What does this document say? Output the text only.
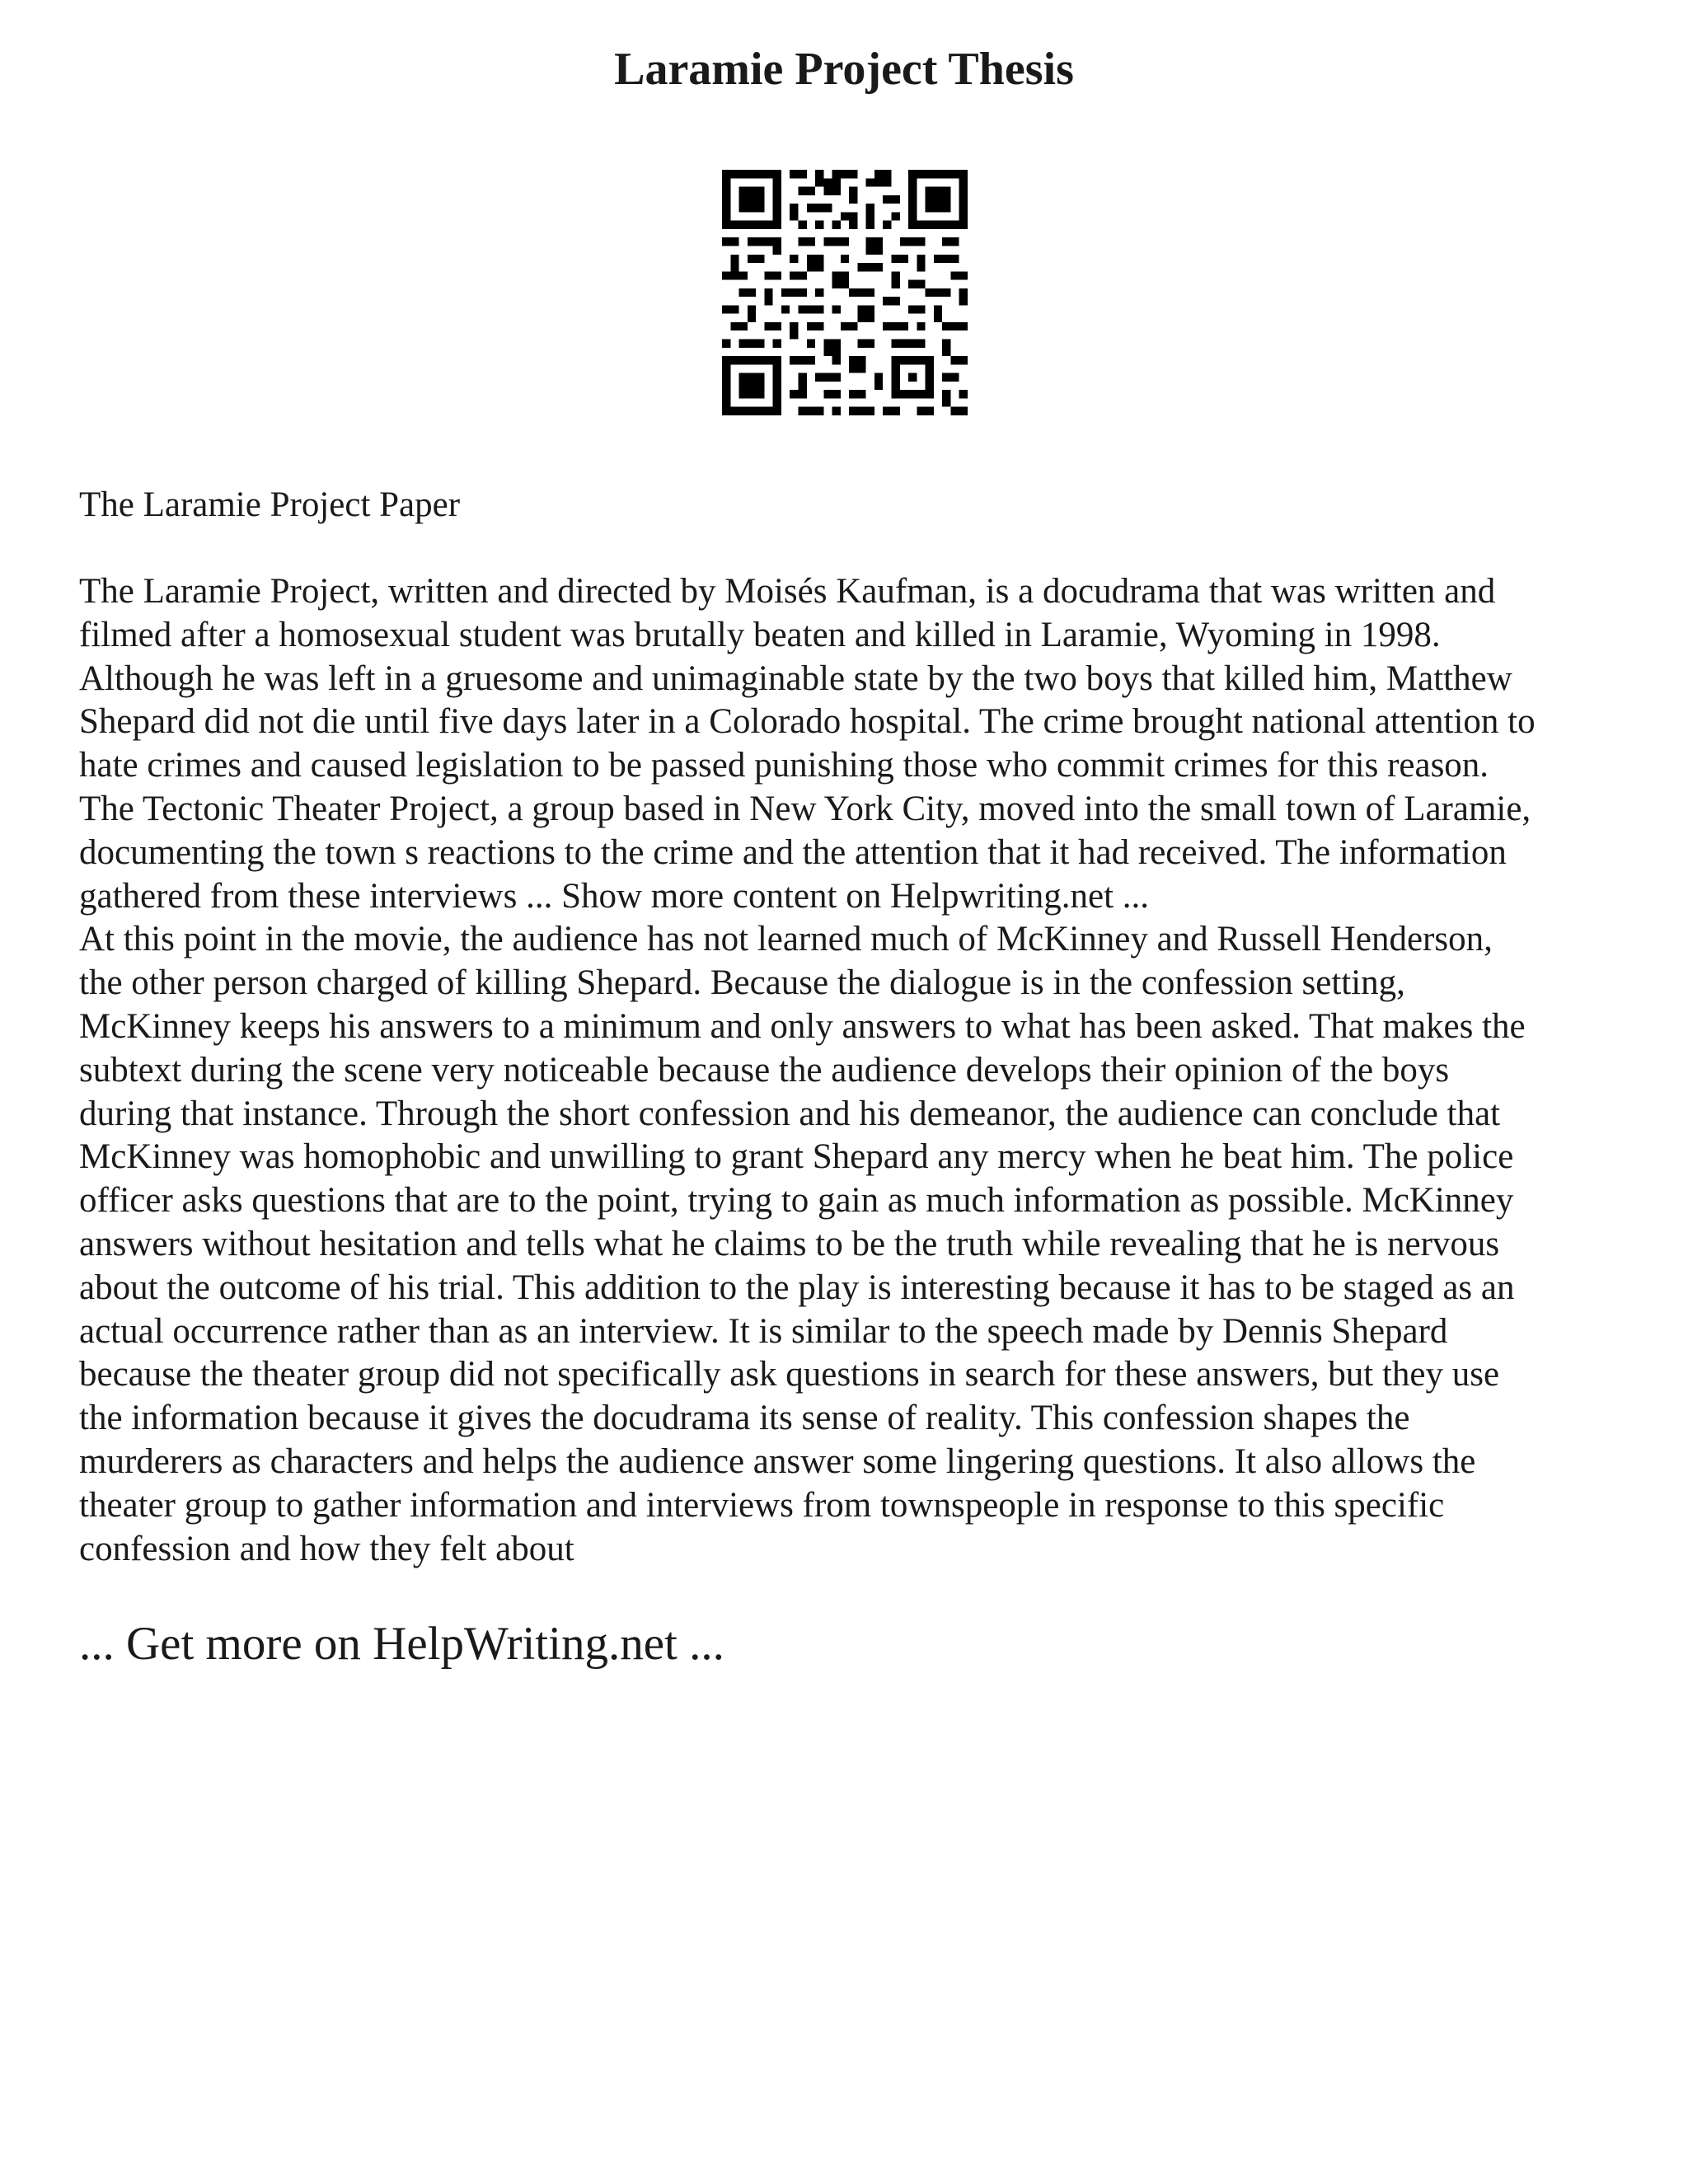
Laramie Project Thesis

The Laramie Project Paper

The Laramie Project, written and directed by Moisés Kaufman, is a docudrama that was written and
filmed after a homosexual student was brutally beaten and killed in Laramie, Wyoming in 1998.
Although he was left in a gruesome and unimaginable state by the two boys that killed him, Matthew
Shepard did not die until five days later in a Colorado hospital. The crime brought national attention to
hate crimes and caused legislation to be passed punishing those who commit crimes for this reason.
The Tectonic Theater Project, a group based in New York City, moved into the small town of Laramie,
documenting the town s reactions to the crime and the attention that it had received. The information
gathered from these interviews ... Show more content on Helpwriting.net ...
At this point in the movie, the audience has not learned much of McKinney and Russell Henderson,
the other person charged of killing Shepard. Because the dialogue is in the confession setting,
McKinney keeps his answers to a minimum and only answers to what has been asked. That makes the
subtext during the scene very noticeable because the audience develops their opinion of the boys
during that instance. Through the short confession and his demeanor, the audience can conclude that
McKinney was homophobic and unwilling to grant Shepard any mercy when he beat him. The police
officer asks questions that are to the point, trying to gain as much information as possible. McKinney
answers without hesitation and tells what he claims to be the truth while revealing that he is nervous
about the outcome of his trial. This addition to the play is interesting because it has to be staged as an
actual occurrence rather than as an interview. It is similar to the speech made by Dennis Shepard
because the theater group did not specifically ask questions in search for these answers, but they use
the information because it gives the docudrama its sense of reality. This confession shapes the
murderers as characters and helps the audience answer some lingering questions. It also allows the
theater group to gather information and interviews from townspeople in response to this specific
confession and how they felt about

... Get more on HelpWriting.net ...
